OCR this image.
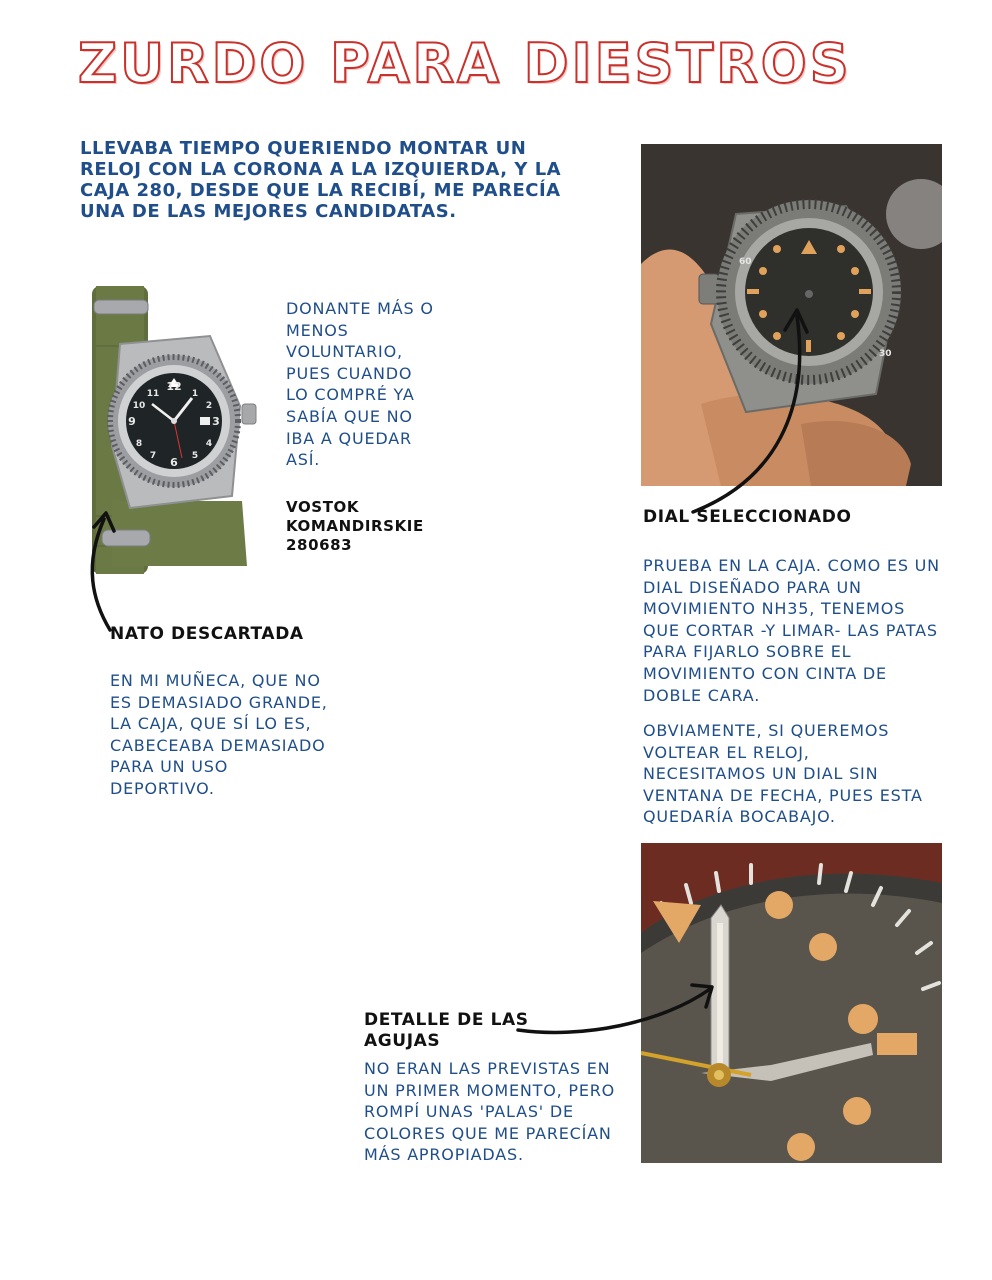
ZURDO PARA DIESTROS
LLEVABA TIEMPO QUERIENDO MONTAR UN RELOJ CON LA CORONA A LA IZQUIERDA, Y LA CAJA 280, DESDE QUE LA RECIBÍ, ME PARECÍA UNA DE LAS MEJORES CANDIDATAS.
12
3
6
9
1
2
4
5
7
8
10
11
DONANTE MÁS O MENOS VOLUNTARIO, PUES CUANDO LO COMPRÉ YA SABÍA QUE NO IBA A QUEDAR ASÍ.
VOSTOK KOMANDIRSKIE 280683
NATO DESCARTADA
EN MI MUÑECA, QUE NO ES DEMASIADO GRANDE, LA CAJA, QUE SÍ LO ES, CABECEABA DEMASIADO PARA UN USO DEPORTIVO.
60
30
DIAL SELECCIONADO
PRUEBA EN LA CAJA. COMO ES UN DIAL DISEÑADO PARA UN MOVIMIENTO NH35, TENEMOS QUE CORTAR -Y LIMAR- LAS PATAS PARA FIJARLO SOBRE EL MOVIMIENTO CON CINTA DE DOBLE CARA.
OBVIAMENTE, SI QUEREMOS VOLTEAR EL RELOJ, NECESITAMOS UN DIAL SIN VENTANA DE FECHA, PUES ESTA QUEDARÍA BOCABAJO.
DETALLE DE LAS AGUJAS
NO ERAN LAS PREVISTAS EN UN PRIMER MOMENTO, PERO ROMPÍ UNAS 'PALAS' DE COLORES QUE ME PARECÍAN MÁS APROPIADAS.
